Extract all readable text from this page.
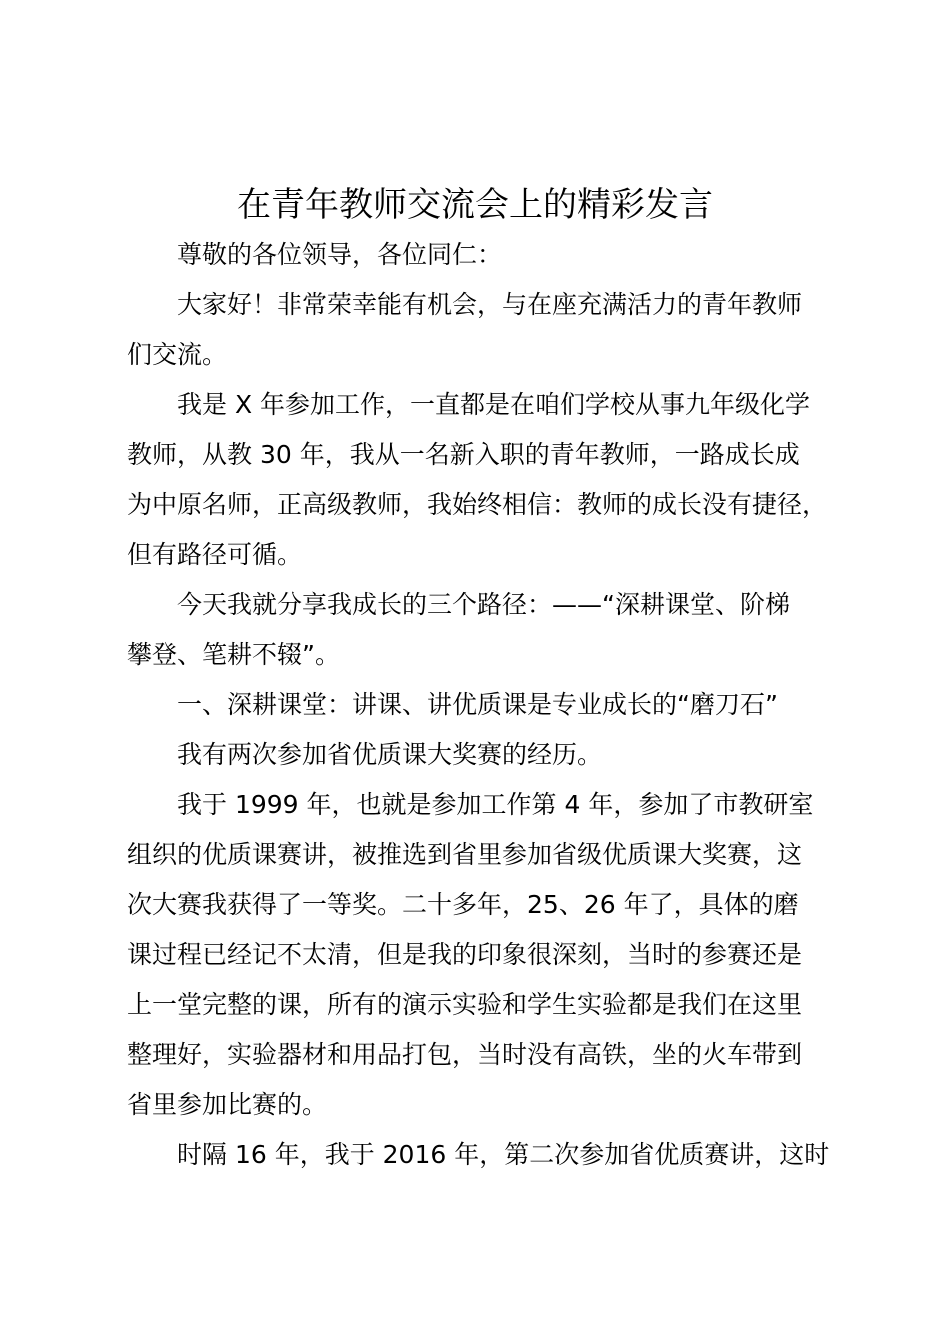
在青年教师交流会上的精彩发言
尊敬的各位领导，各位同仁：
大家好！非常荣幸能有机会，与在座充满活力的青年教师
们交流。
我是 X 年参加工作，一直都是在咱们学校从事九年级化学
教师，从教 30 年，我从一名新入职的青年教师，一路成长成
为中原名师，正高级教师，我始终相信：教师的成长没有捷径，
但有路径可循。
今天我就分享我成长的三个路径：——“深耕课堂、阶梯
攀登、笔耕不辍”。
一、深耕课堂：讲课、讲优质课是专业成长的“磨刀石”
我有两次参加省优质课大奖赛的经历。
我于 1999 年，也就是参加工作第 4 年，参加了市教研室
组织的优质课赛讲，被推选到省里参加省级优质课大奖赛，这
次大赛我获得了一等奖。二十多年，25、26 年了，具体的磨
课过程已经记不太清，但是我的印象很深刻，当时的参赛还是
上一堂完整的课，所有的演示实验和学生实验都是我们在这里
整理好，实验器材和用品打包，当时没有高铁，坐的火车带到
省里参加比赛的。
时隔 16 年，我于 2016 年，第二次参加省优质赛讲，这时
